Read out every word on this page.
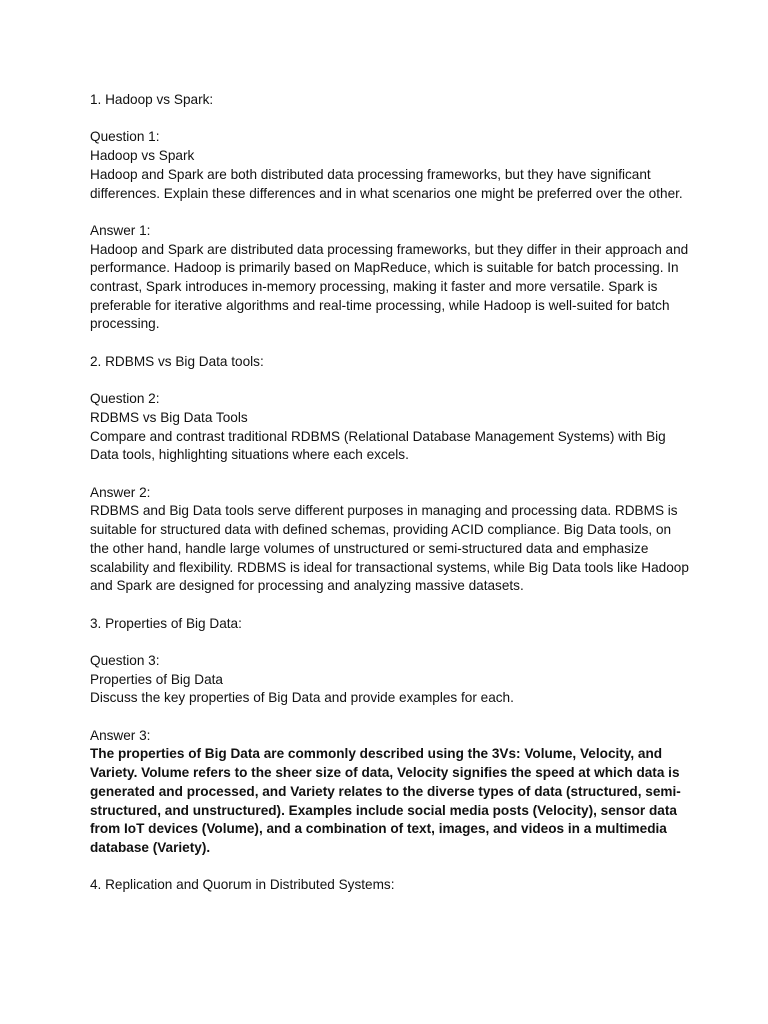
1. Hadoop vs Spark:

Question 1:

Hadoop vs Spark

Hadoop and Spark are both distributed data processing frameworks, but they have significant differences. Explain these differences and in what scenarios one might be preferred over the other.

Answer 1:

Hadoop and Spark are distributed data processing frameworks, but they differ in their approach and performance. Hadoop is primarily based on MapReduce, which is suitable for batch processing. In contrast, Spark introduces in-memory processing, making it faster and more versatile. Spark is preferable for iterative algorithms and real-time processing, while Hadoop is well-suited for batch processing.

2. RDBMS vs Big Data tools:

Question 2:

RDBMS vs Big Data Tools

Compare and contrast traditional RDBMS (Relational Database Management Systems) with Big Data tools, highlighting situations where each excels.

Answer 2:

RDBMS and Big Data tools serve different purposes in managing and processing data. RDBMS is suitable for structured data with defined schemas, providing ACID compliance. Big Data tools, on the other hand, handle large volumes of unstructured or semi-structured data and emphasize scalability and flexibility. RDBMS is ideal for transactional systems, while Big Data tools like Hadoop and Spark are designed for processing and analyzing massive datasets.

3. Properties of Big Data:

Question 3:

Properties of Big Data

Discuss the key properties of Big Data and provide examples for each.

Answer 3:

The properties of Big Data are commonly described using the 3Vs: Volume, Velocity, and Variety. Volume refers to the sheer size of data, Velocity signifies the speed at which data is generated and processed, and Variety relates to the diverse types of data (structured, semi-structured, and unstructured). Examples include social media posts (Velocity), sensor data from IoT devices (Volume), and a combination of text, images, and videos in a multimedia database (Variety).

4. Replication and Quorum in Distributed Systems:
